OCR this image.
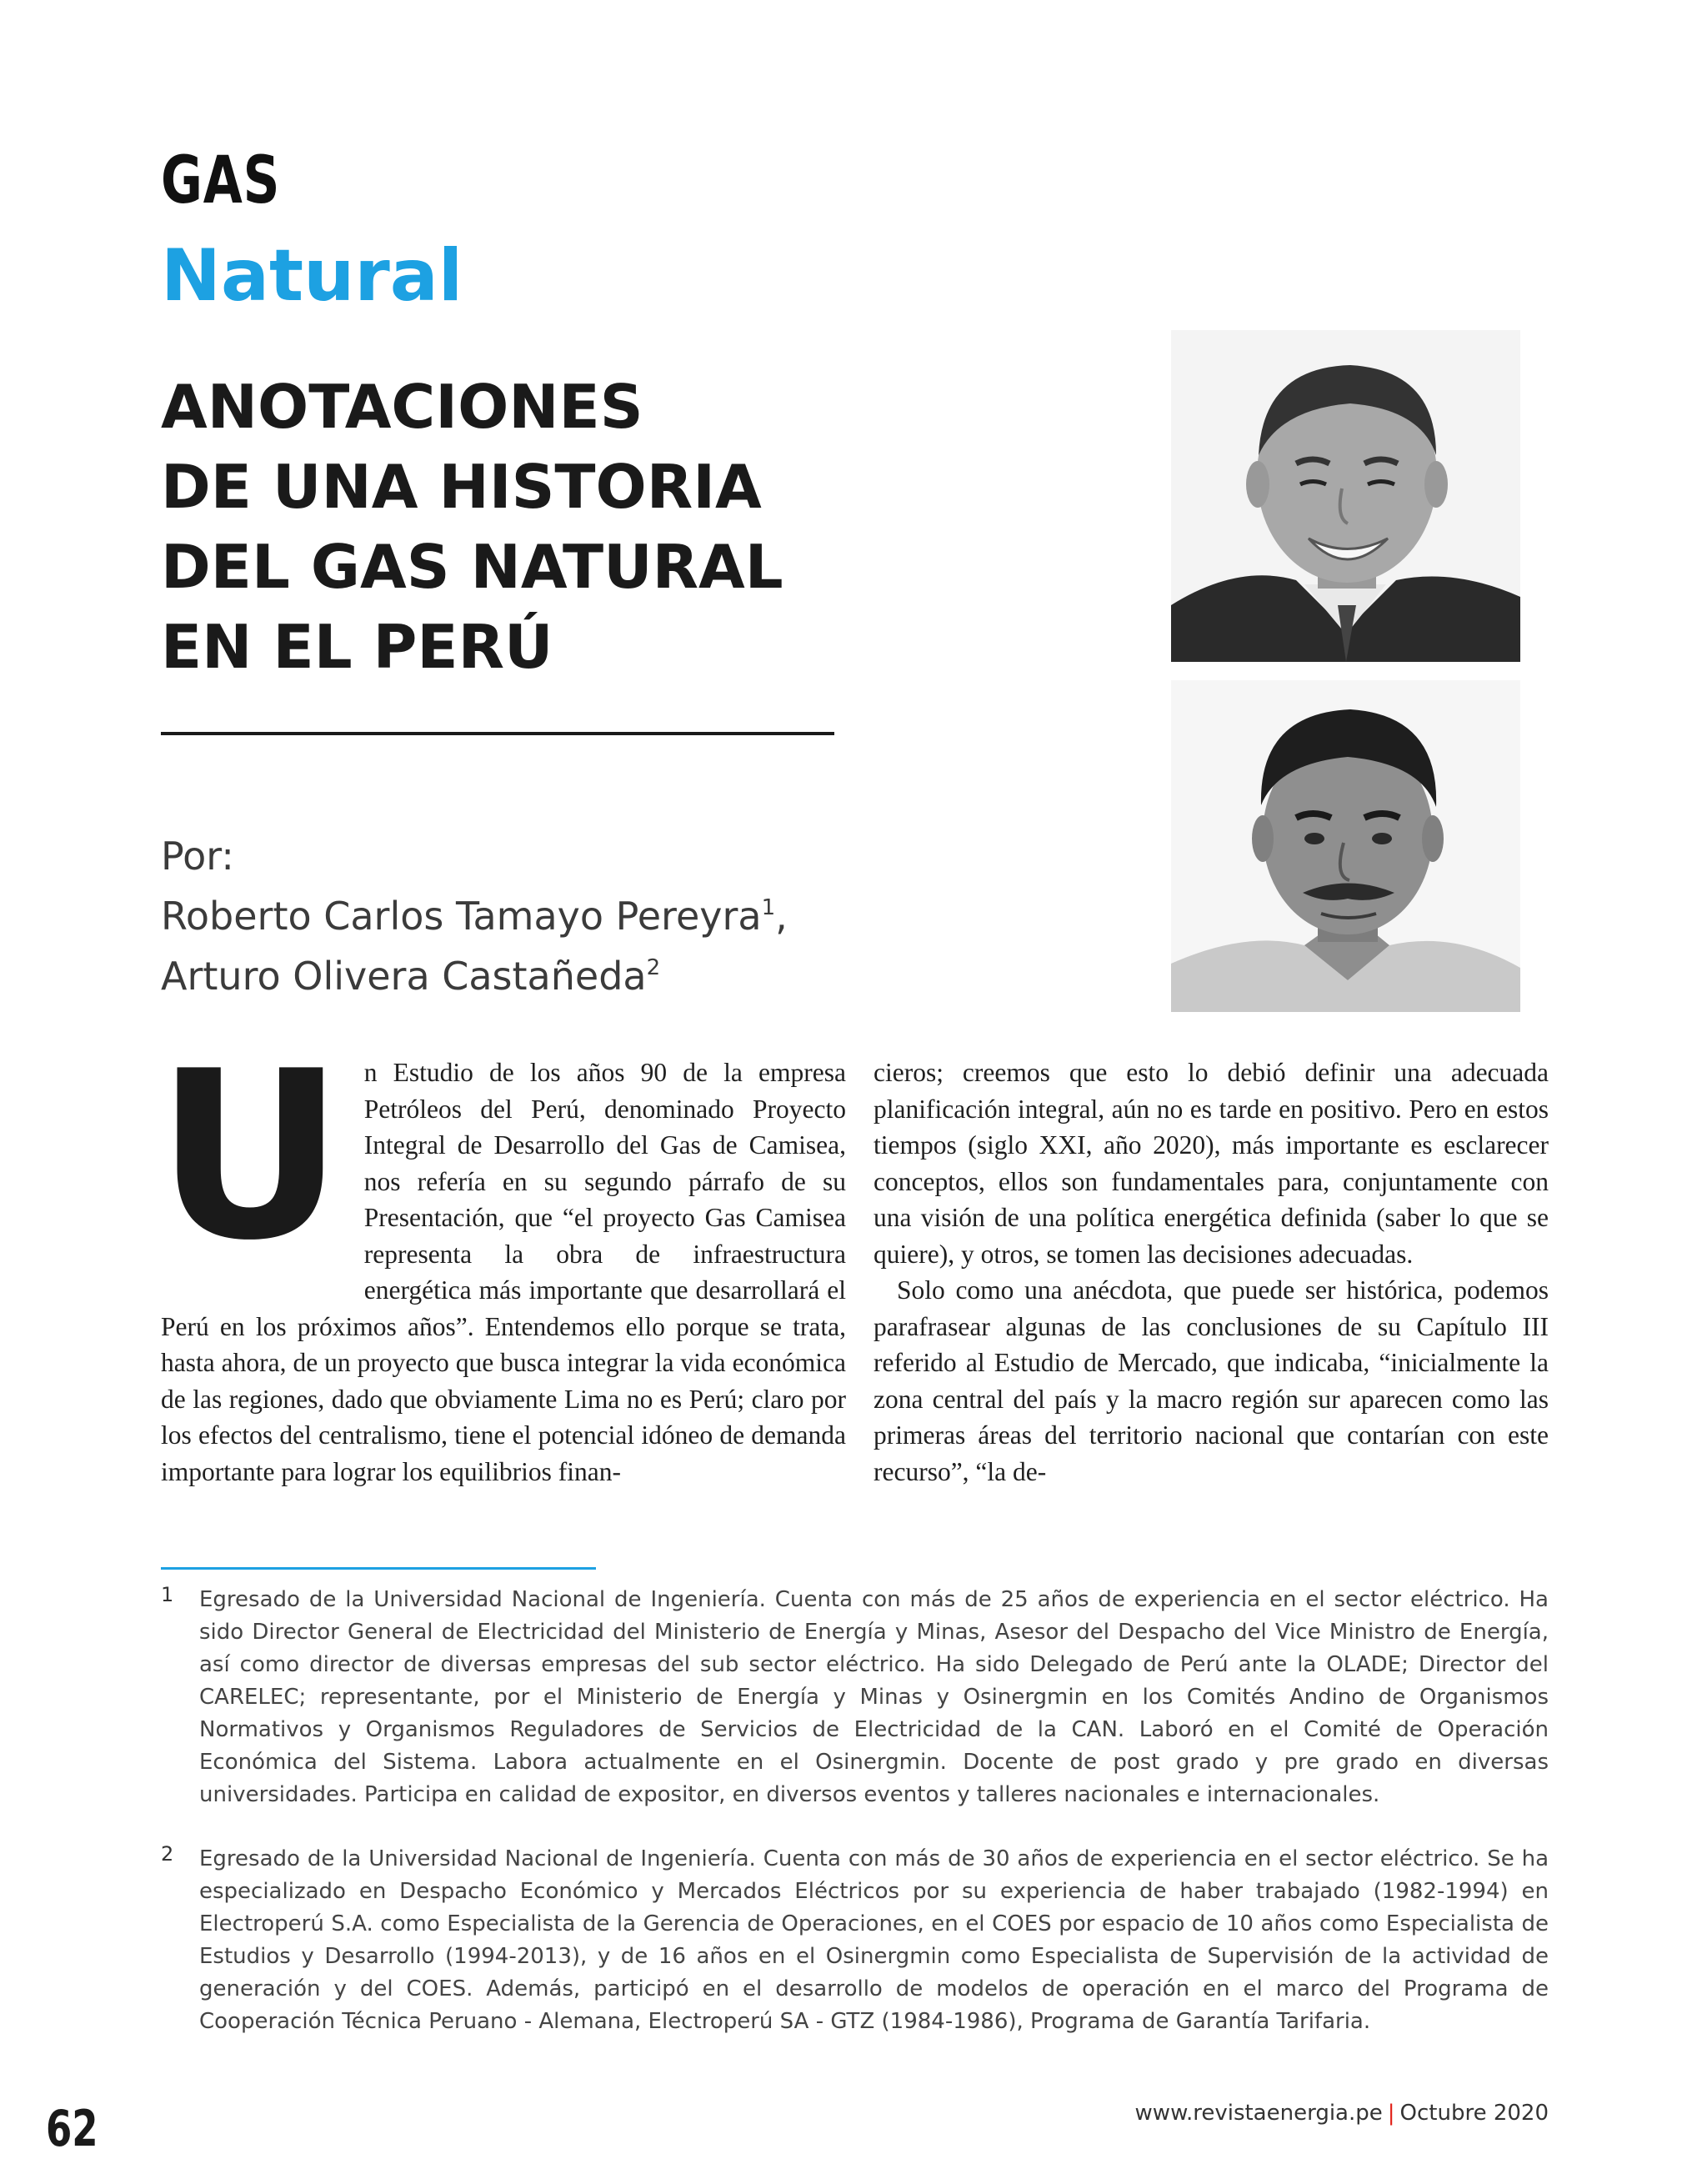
GAS
Natural
ANOTACIONES
DE UNA HISTORIA
DEL GAS NATURAL
EN EL PERÚ
Por:
Roberto Carlos Tamayo Pereyra$^1$,
Arturo Olivera Castañeda$^2$
U n Estudio de los años 90 de la empresa Petróleos del Perú, denominado Proyecto Integral de Desarrollo del Gas de Camisea, nos refería en su segundo párrafo de su Presentación, que “el proyecto Gas Camisea representa la obra de infraestructura energética más importante que desarrollará el Perú en los próximos años”. Entendemos ello porque se trata, hasta ahora, de un proyecto que busca integrar la vida económica de las regiones, dado que obviamente Lima no es Perú; claro por los efectos del centralismo, tiene el potencial idóneo de demanda importante para lograr los equilibrios finan-

cieros; creemos que esto lo debió definir una adecuada planificación integral, aún no es tarde en positivo. Pero en estos tiempos (siglo XXI, año 2020), más importante es esclarecer conceptos, ellos son fundamentales para, conjuntamente con una visión de una política energética definida (saber lo que se quiere), y otros, se tomen las decisiones adecuadas.

Solo como una anécdota, que puede ser histórica, podemos parafrasear algunas de las conclusiones de su Capítulo III referido al Estudio de Mercado, que indicaba, “inicialmente la zona central del país y la macro región sur aparecen como las primeras áreas del territorio nacional que contarían con este recurso”, “la de-

1 Egresado de la Universidad Nacional de Ingeniería. Cuenta con más de 25 años de experiencia en el sector eléctrico. Ha sido Director General de Electricidad del Ministerio de Energía y Minas, Asesor del Despacho del Vice Ministro de Energía, así como director de diversas empresas del sub sector eléctrico. Ha sido Delegado de Perú ante la OLADE; Director del CARELEC; representante, por el Ministerio de Energía y Minas y Osinergmin en los Comités Andino de Organismos Normativos y Organismos Reguladores de Servicios de Electricidad de la CAN. Laboró en el Comité de Operación Económica del Sistema. Labora actualmente en el Osinergmin. Docente de post grado y pre grado en diversas universidades. Participa en calidad de expositor, en diversos eventos y talleres nacionales e internacionales.
2 Egresado de la Universidad Nacional de Ingeniería. Cuenta con más de 30 años de experiencia en el sector eléctrico. Se ha especializado en Despacho Económico y Mercados Eléctricos por su experiencia de haber trabajado (1982-1994) en Electroperú S.A. como Especialista de la Gerencia de Operaciones, en el COES por espacio de 10 años como Especialista de Estudios y Desarrollo (1994-2013), y de 16 años en el Osinergmin como Especialista de Supervisión de la actividad de generación y del COES. Además, participó en el desarrollo de modelos de operación en el marco del Programa de Cooperación Técnica Peruano - Alemana, Electroperú SA - GTZ (1984-1986), Programa de Garantía Tarifaria.
62	www.revistaenergia.pe | Octubre 2020
